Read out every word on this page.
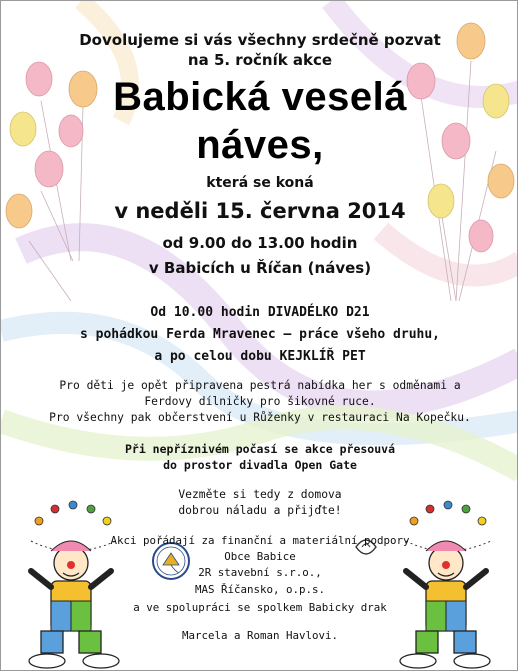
Dovolujeme si vás všechny srdečně pozvat
na 5. ročník akce
Babická veselá
náves,
která se koná
v neděli 15. června 2014
od 9.00 do 13.00 hodin
v Babicích u Říčan (náves)
Od 10.00 hodin DIVADÉLKO D21
s pohádkou Ferda Mravenec – práce všeho druhu,
a po celou dobu KEJKLÍŘ PET
Pro děti je opět připravena pestrá nabídka her s odměnami a
Ferdovy dílničky pro šikovné ruce.
Pro všechny pak občerstvení u Růženky v restauraci Na Kopečku.
Při nepříznivém počasí se akce přesouvá
do prostor divadla Open Gate
Vezměte si tedy z domova
dobrou náladu a přijďte!
Akci pořádají za finanční a materiální podpory
Obce Babice
2R stavební s.r.o.,
MAS Říčansko, o.p.s.
a ve spolupráci se spolkem Babicky drak
Marcela a Roman Havlovi.
